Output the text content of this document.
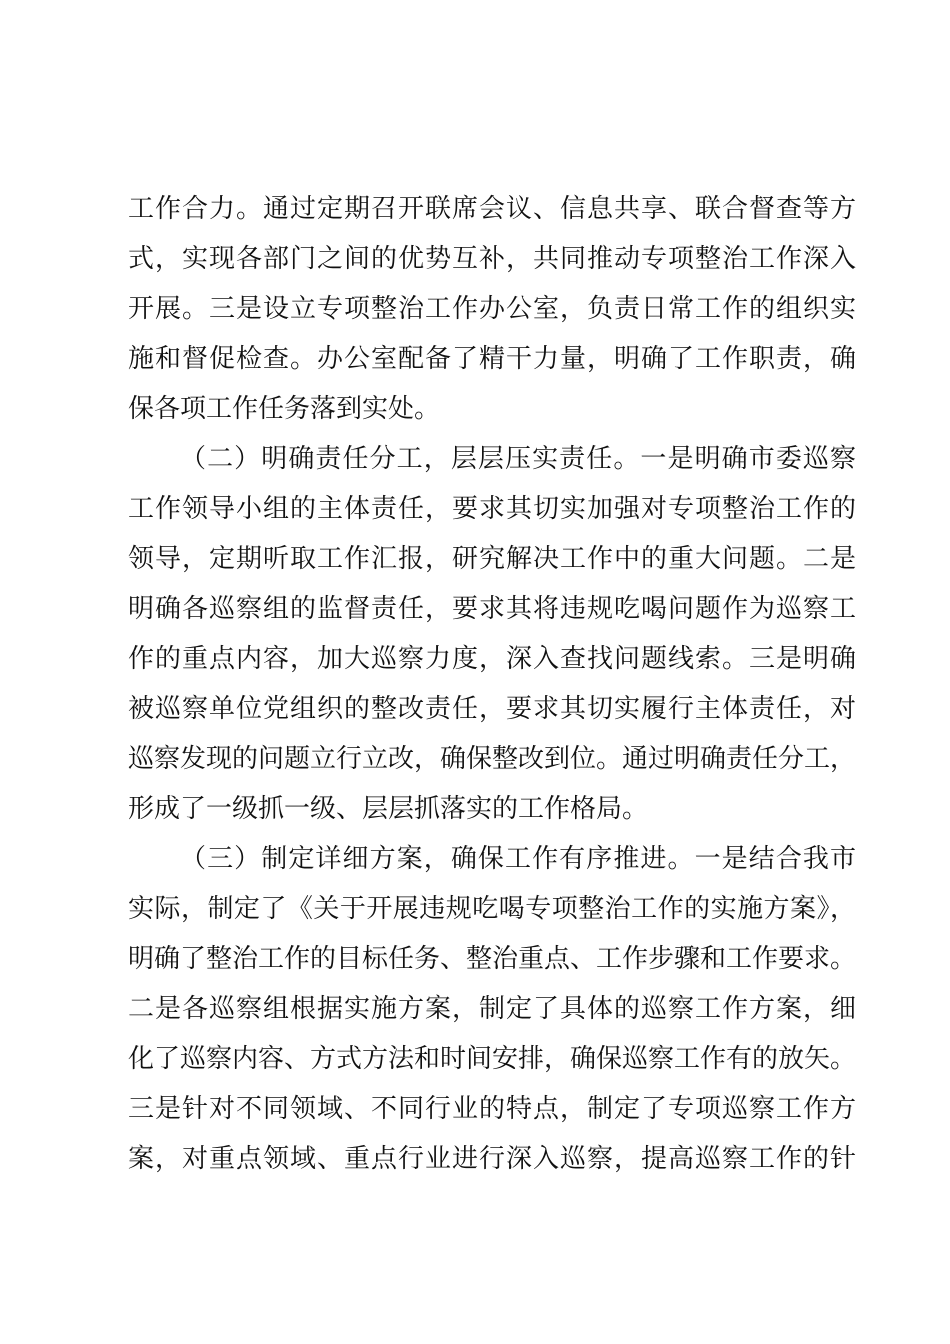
工作合力。通过定期召开联席会议、信息共享、联合督查等方
式，实现各部门之间的优势互补，共同推动专项整治工作深入
开展。三是设立专项整治工作办公室，负责日常工作的组织实
施和督促检查。办公室配备了精干力量，明确了工作职责，确
保各项工作任务落到实处。
（二）明确责任分工，层层压实责任。一是明确市委巡察
工作领导小组的主体责任，要求其切实加强对专项整治工作的
领导，定期听取工作汇报，研究解决工作中的重大问题。二是
明确各巡察组的监督责任，要求其将违规吃喝问题作为巡察工
作的重点内容，加大巡察力度，深入查找问题线索。三是明确
被巡察单位党组织的整改责任，要求其切实履行主体责任，对
巡察发现的问题立行立改，确保整改到位。通过明确责任分工，
形成了一级抓一级、层层抓落实的工作格局。
（三）制定详细方案，确保工作有序推进。一是结合我市
实际，制定了《关于开展违规吃喝专项整治工作的实施方案》，
明确了整治工作的目标任务、整治重点、工作步骤和工作要求。
二是各巡察组根据实施方案，制定了具体的巡察工作方案，细
化了巡察内容、方式方法和时间安排，确保巡察工作有的放矢。
三是针对不同领域、不同行业的特点，制定了专项巡察工作方
案，对重点领域、重点行业进行深入巡察，提高巡察工作的针
